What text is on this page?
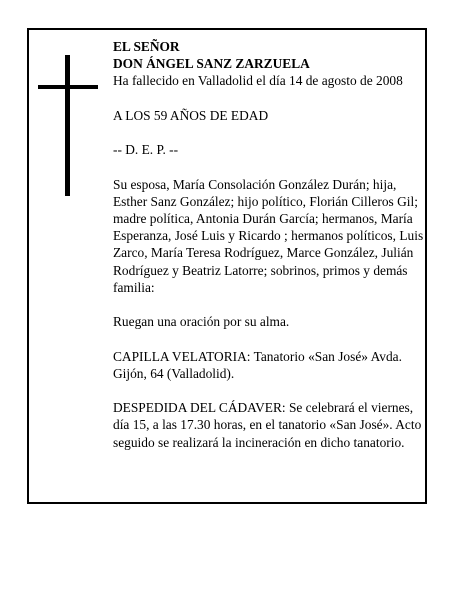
EL SEÑOR

DON ÁNGEL SANZ ZARZUELA

Ha fallecido en Valladolid el día 14 de agosto de 2008

A LOS 59 AÑOS DE EDAD

-- D. E. P. --

Su esposa, María Consolación González Durán; hija, Esther Sanz González; hijo político, Florián Cilleros Gil; madre política, Antonia Durán García; hermanos, María Esperanza, José Luis y Ricardo ; hermanos políticos, Luis Zarco, María Teresa Rodríguez, Marce González, Julián Rodríguez y Beatriz Latorre; sobrinos, primos y demás familia:

Ruegan una oración por su alma.

CAPILLA VELATORIA: Tanatorio «San José» Avda. Gijón, 64 (Valladolid).

DESPEDIDA DEL CÁDAVER: Se celebrará el viernes, día 15, a las 17.30 horas, en el tanatorio «San José». Acto seguido se realizará la incineración en dicho tanatorio.
